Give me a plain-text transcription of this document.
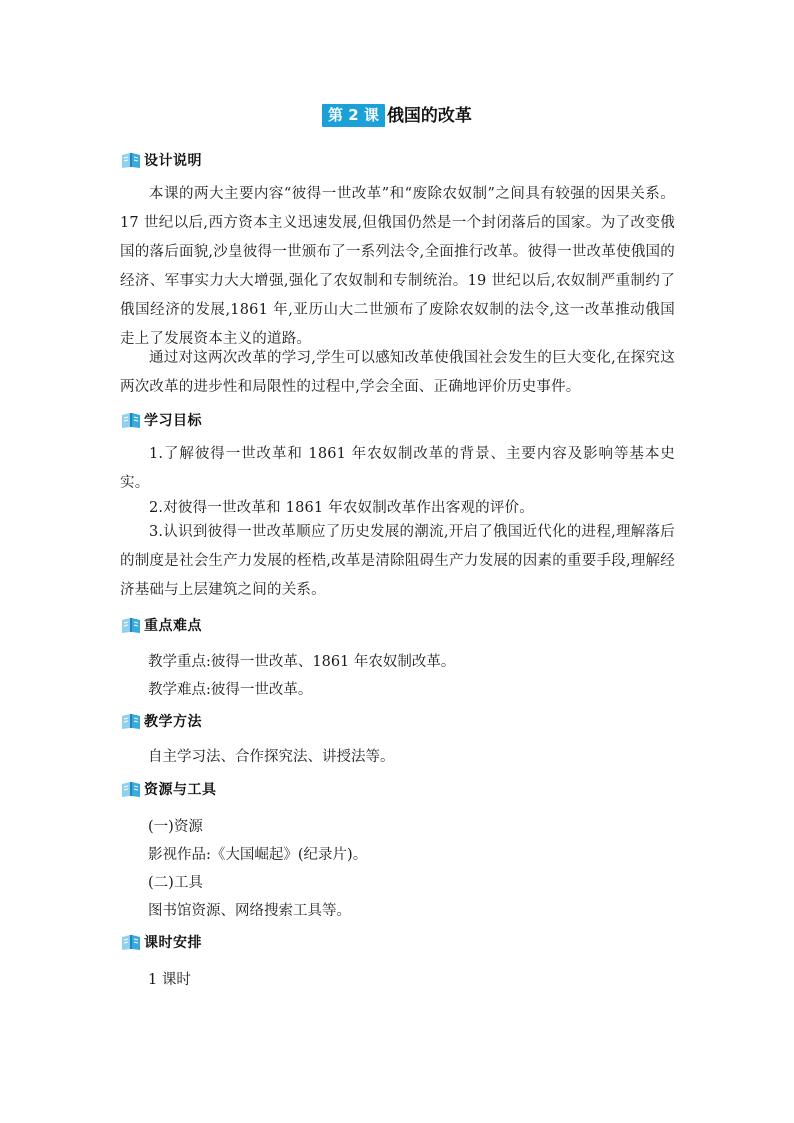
第 2 课 俄国的改革
设计说明

本课的两大主要内容“彼得一世改革”和“废除农奴制”之间具有较强的因果关系。17 世纪以后,西方资本主义迅速发展,但俄国仍然是一个封闭落后的国家。为了改变俄国的落后面貌,沙皇彼得一世颁布了一系列法令,全面推行改革。彼得一世改革使俄国的经济、军事实力大大增强,强化了农奴制和专制统治。19 世纪以后,农奴制严重制约了俄国经济的发展,1861 年,亚历山大二世颁布了废除农奴制的法令,这一改革推动俄国走上了发展资本主义的道路。

通过对这两次改革的学习,学生可以感知改革使俄国社会发生的巨大变化,在探究这两次改革的进步性和局限性的过程中,学会全面、正确地评价历史事件。

学习目标

1.了解彼得一世改革和 1861 年农奴制改革的背景、主要内容及影响等基本史实。

2.对彼得一世改革和 1861 年农奴制改革作出客观的评价。

3.认识到彼得一世改革顺应了历史发展的潮流,开启了俄国近代化的进程,理解落后的制度是社会生产力发展的桎梏,改革是清除阻碍生产力发展的因素的重要手段,理解经济基础与上层建筑之间的关系。

重点难点

教学重点:彼得一世改革、1861 年农奴制改革。

教学难点:彼得一世改革。

教学方法

自主学习法、合作探究法、讲授法等。

资源与工具

(一)资源

影视作品:《大国崛起》(纪录片)。

(二)工具

图书馆资源、网络搜索工具等。

课时安排

1 课时
